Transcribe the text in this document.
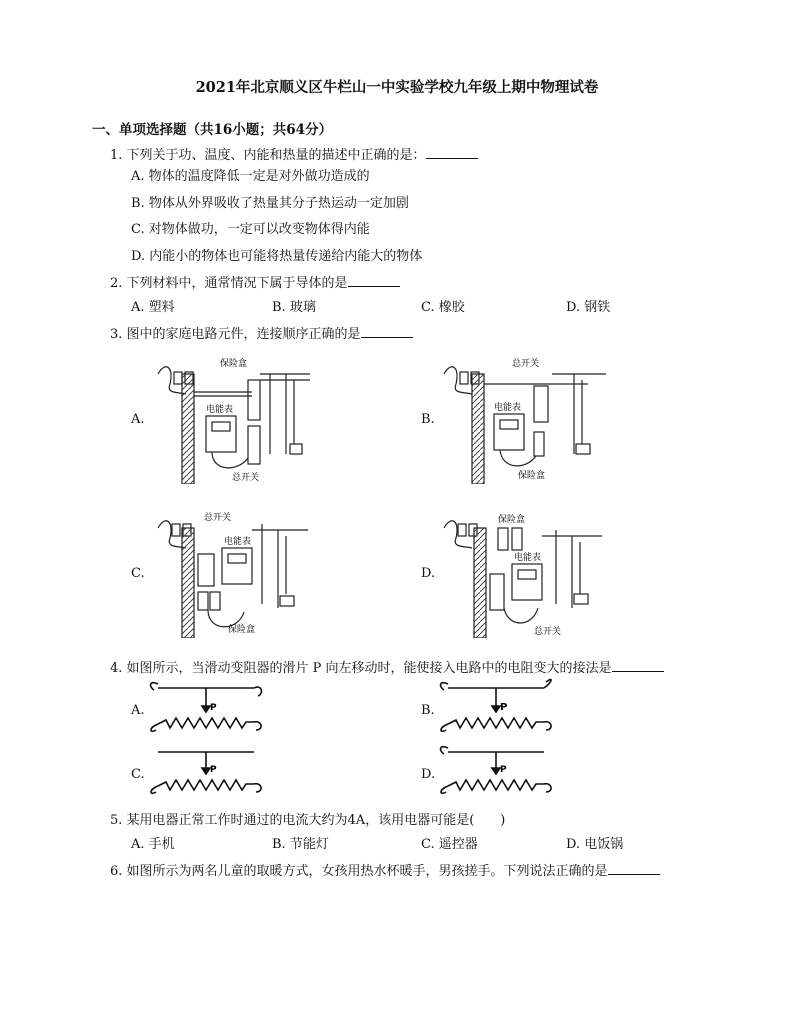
2021年北京顺义区牛栏山一中实验学校九年级上期中物理试卷
一、单项选择题（共16小题；共64分）
1. 下列关于功、温度、内能和热量的描述中正确的是：
A. 物体的温度降低一定是对外做功造成的
B. 物体从外界吸收了热量其分子热运动一定加剧
C. 对物体做功，一定可以改变物体得内能
D. 内能小的物体也可能将热量传递给内能大的物体
2. 下列材料中，通常情况下属于导体的是
A. 塑料	B. 玻璃	C. 橡胶	D. 钢铁
3. 图中的家庭电路元件，连接顺序正确的是
A.	B.
C.	D.
保险盒
电能表
总开关
总开关
电能表
保险盒
总开关
电能表
保险盒
保险盒
电能表
总开关
4. 如图所示，当滑动变阻器的滑片 P 向左移动时，能使接入电路中的电阻变大的接法是
A.	B.
C.	D.
P	P
P	P
5. 某用电器正常工作时通过的电流大约为4A，该用电器可能是(　　)
A. 手机	B. 节能灯	C. 遥控器	D. 电饭锅
6. 如图所示为两名儿童的取暖方式，女孩用热水杯暖手，男孩搓手。下列说法正确的是
